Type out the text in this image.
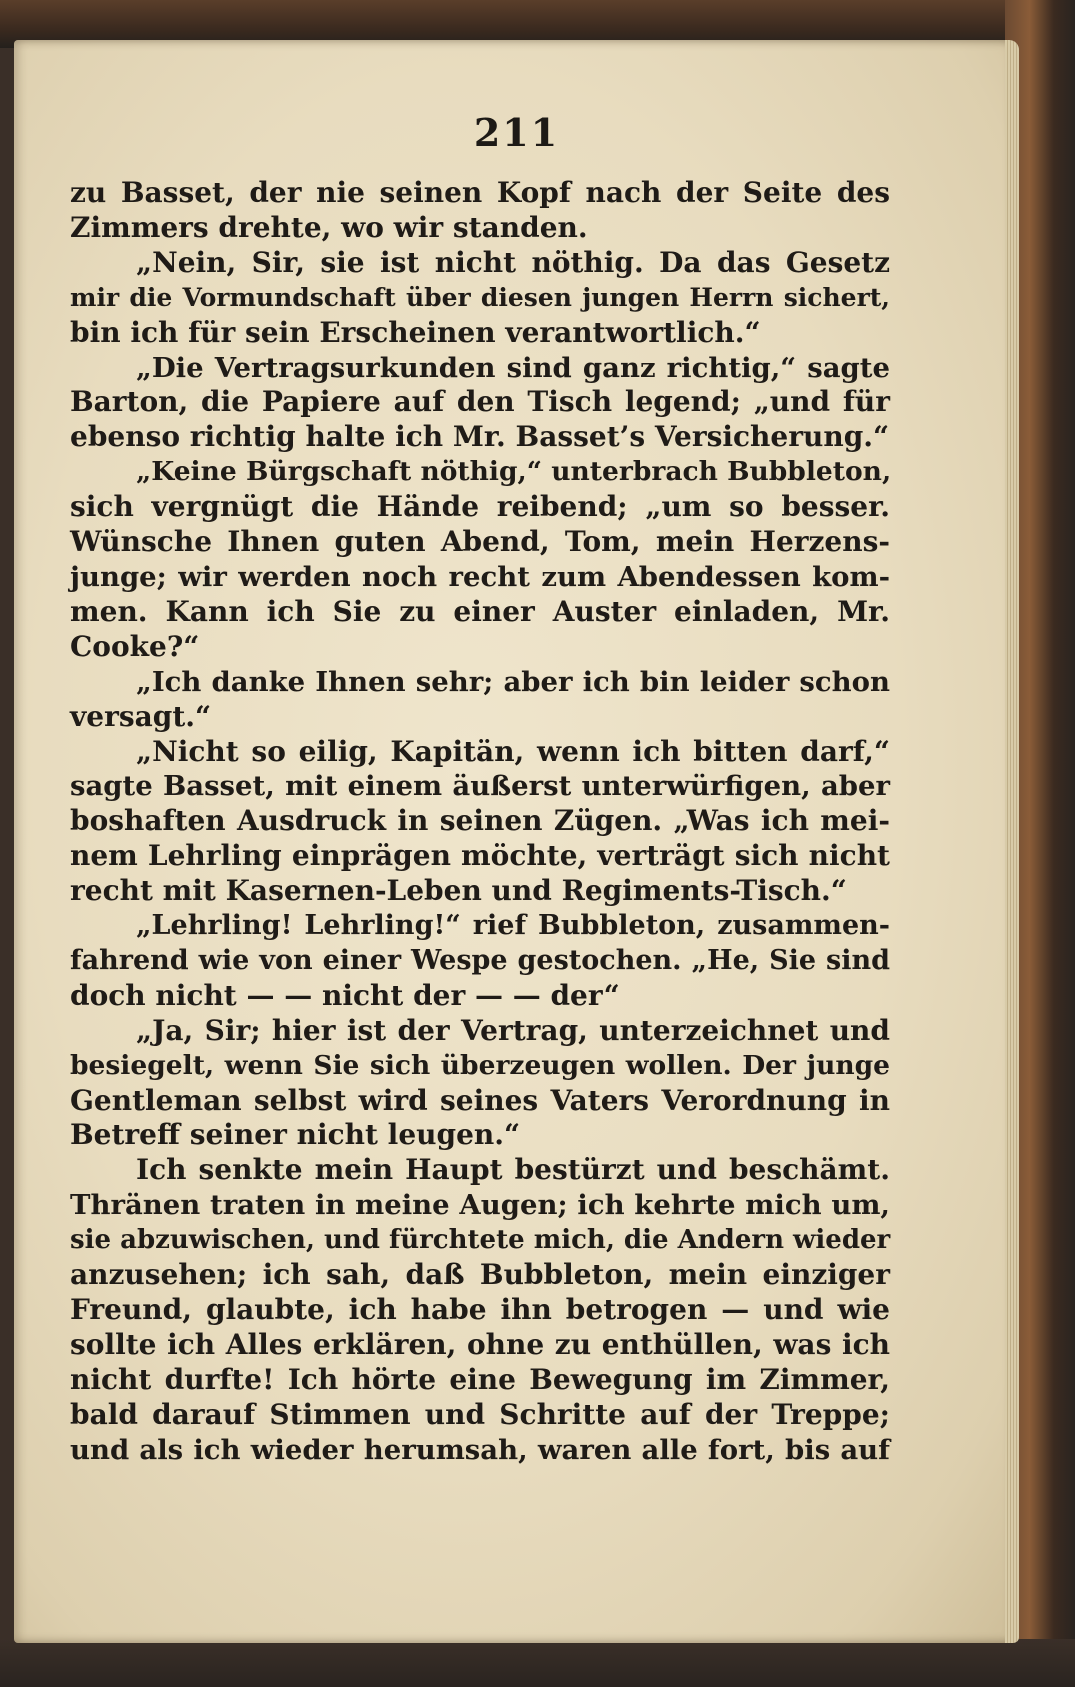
211
zu Basset, der nie seinen Kopf nach der Seite des
Zimmers drehte, wo wir standen.
„Nein, Sir, sie ist nicht nöthig. Da das Gesetz
mir die Vormundschaft über diesen jungen Herrn sichert,
bin ich für sein Erscheinen verantwortlich.“
„Die Vertragsurkunden sind ganz richtig,“ sagte
Barton, die Papiere auf den Tisch legend; „und für
ebenso richtig halte ich Mr. Basset’s Versicherung.“
„Keine Bürgschaft nöthig,“ unterbrach Bubbleton,
sich vergnügt die Hände reibend; „um so besser.
Wünsche Ihnen guten Abend, Tom, mein Herzens-
junge; wir werden noch recht zum Abendessen kom-
men. Kann ich Sie zu einer Auster einladen, Mr.
Cooke?“
„Ich danke Ihnen sehr; aber ich bin leider schon
versagt.“
„Nicht so eilig, Kapitän, wenn ich bitten darf,“
sagte Basset, mit einem äußerst unterwürfigen, aber
boshaften Ausdruck in seinen Zügen. „Was ich mei-
nem Lehrling einprägen möchte, verträgt sich nicht
recht mit Kasernen-Leben und Regiments-Tisch.“
„Lehrling! Lehrling!“ rief Bubbleton, zusammen-
fahrend wie von einer Wespe gestochen. „He, Sie sind
doch nicht — — nicht der — — der“
„Ja, Sir; hier ist der Vertrag, unterzeichnet und
besiegelt, wenn Sie sich überzeugen wollen. Der junge
Gentleman selbst wird seines Vaters Verordnung in
Betreff seiner nicht leugen.“
Ich senkte mein Haupt bestürzt und beschämt.
Thränen traten in meine Augen; ich kehrte mich um,
sie abzuwischen, und fürchtete mich, die Andern wieder
anzusehen; ich sah, daß Bubbleton, mein einziger
Freund, glaubte, ich habe ihn betrogen — und wie
sollte ich Alles erklären, ohne zu enthüllen, was ich
nicht durfte! Ich hörte eine Bewegung im Zimmer,
bald darauf Stimmen und Schritte auf der Treppe;
und als ich wieder herumsah, waren alle fort, bis auf
